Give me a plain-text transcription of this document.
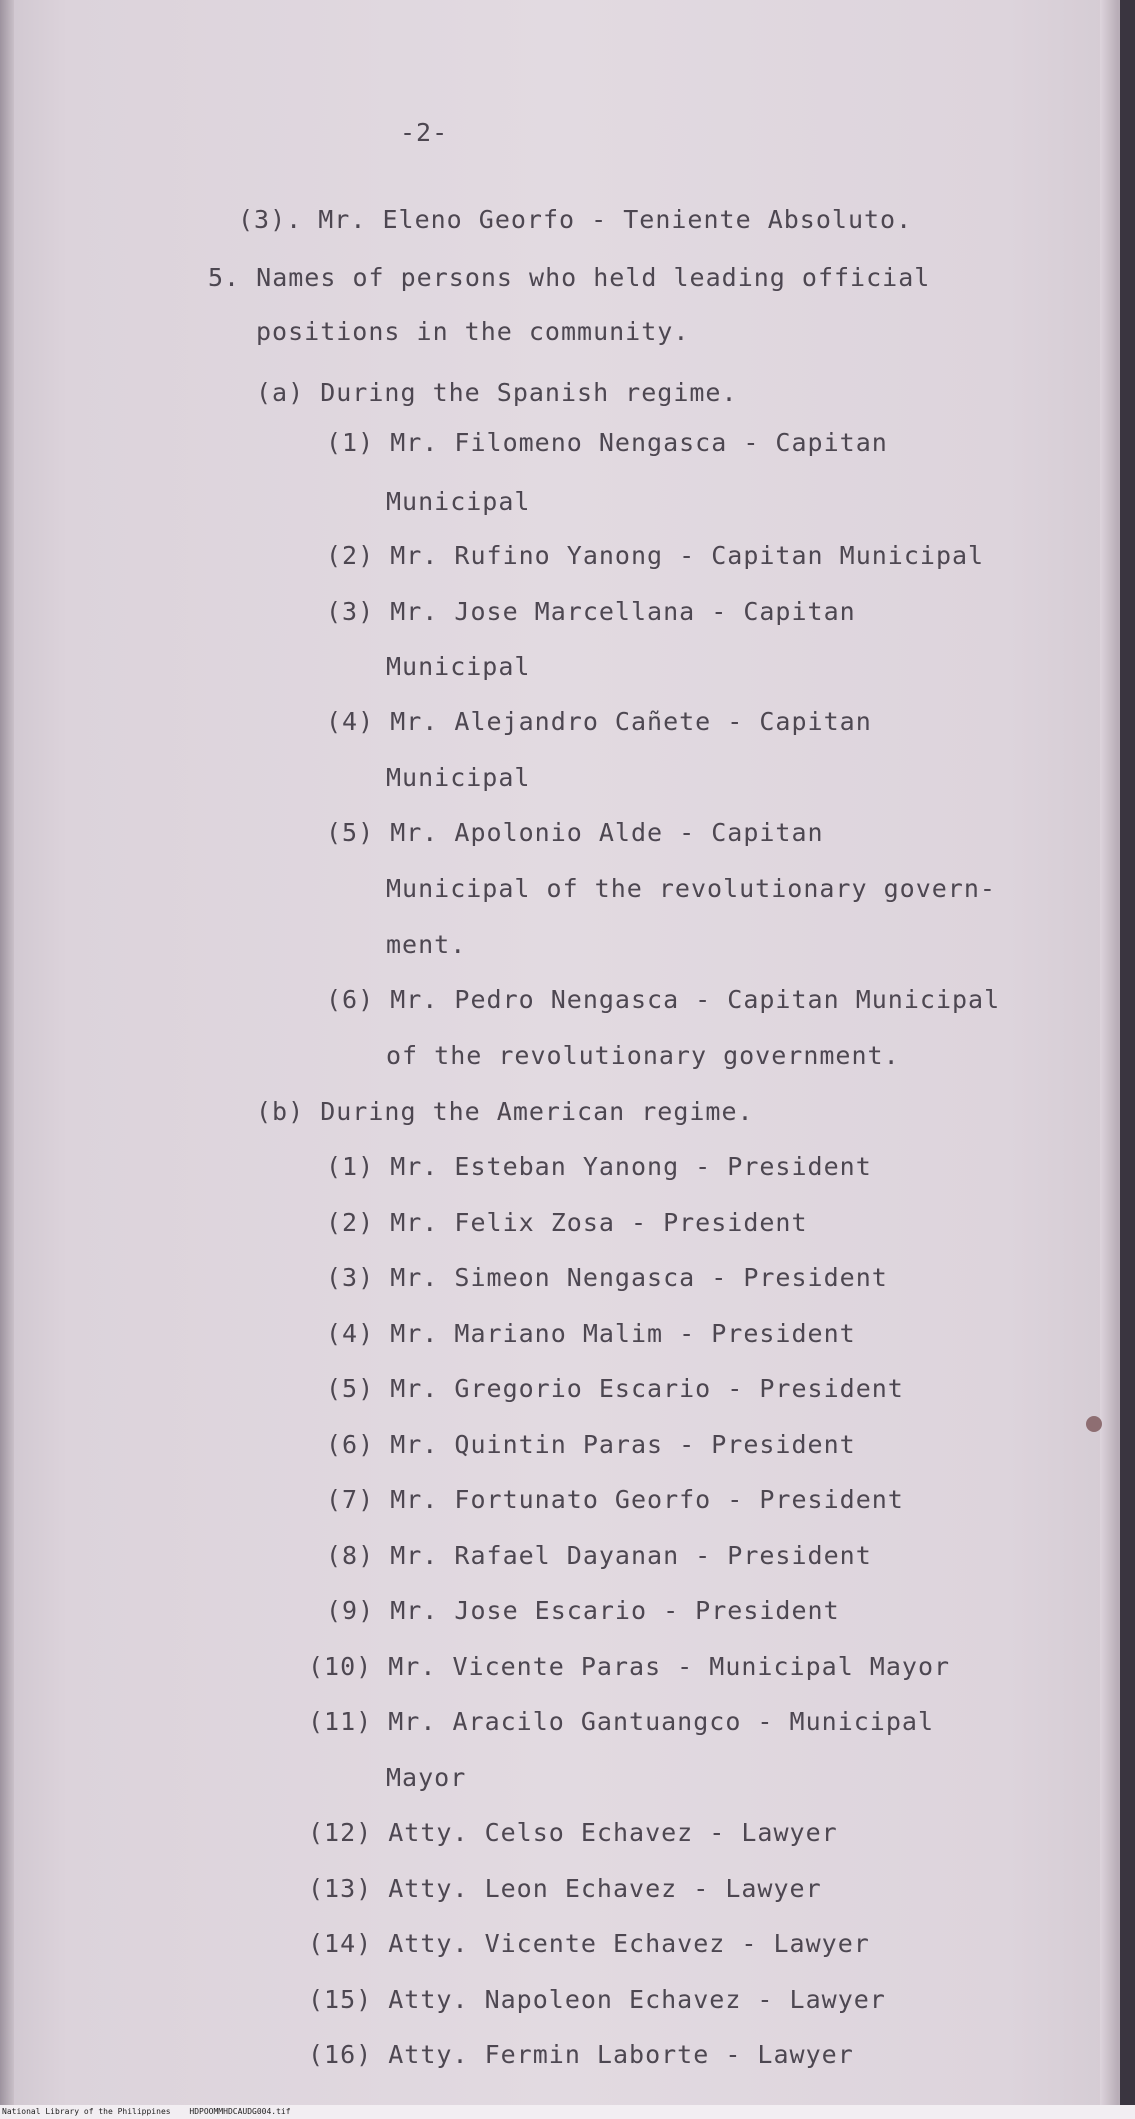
-2-
(3). Mr. Eleno Georfo - Teniente Absoluto.
5. Names of persons who held leading official
positions in the community.
(a) During the Spanish regime.
(1) Mr. Filomeno Nengasca - Capitan
Municipal
(2) Mr. Rufino Yanong - Capitan Municipal
(3) Mr. Jose Marcellana - Capitan
Municipal
(4) Mr. Alejandro Cañete - Capitan
Municipal
(5) Mr. Apolonio Alde - Capitan
Municipal of the revolutionary govern-
ment.
(6) Mr. Pedro Nengasca - Capitan Municipal
of the revolutionary government.
(b) During the American regime.
(1) Mr. Esteban Yanong - President
(2) Mr. Felix Zosa - President
(3) Mr. Simeon Nengasca - President
(4) Mr. Mariano Malim - President
(5) Mr. Gregorio Escario - President
(6) Mr. Quintin Paras - President
(7) Mr. Fortunato Georfo - President
(8) Mr. Rafael Dayanan - President
(9) Mr. Jose Escario - President
(10) Mr. Vicente Paras - Municipal Mayor
(11) Mr. Aracilo Gantuangco - Municipal
Mayor
(12) Atty. Celso Echavez - Lawyer
(13) Atty. Leon Echavez - Lawyer
(14) Atty. Vicente Echavez - Lawyer
(15) Atty. Napoleon Echavez - Lawyer
(16) Atty. Fermin Laborte - Lawyer
National Library of the Philippines HDPOOMMHDCAUDG004.tif
